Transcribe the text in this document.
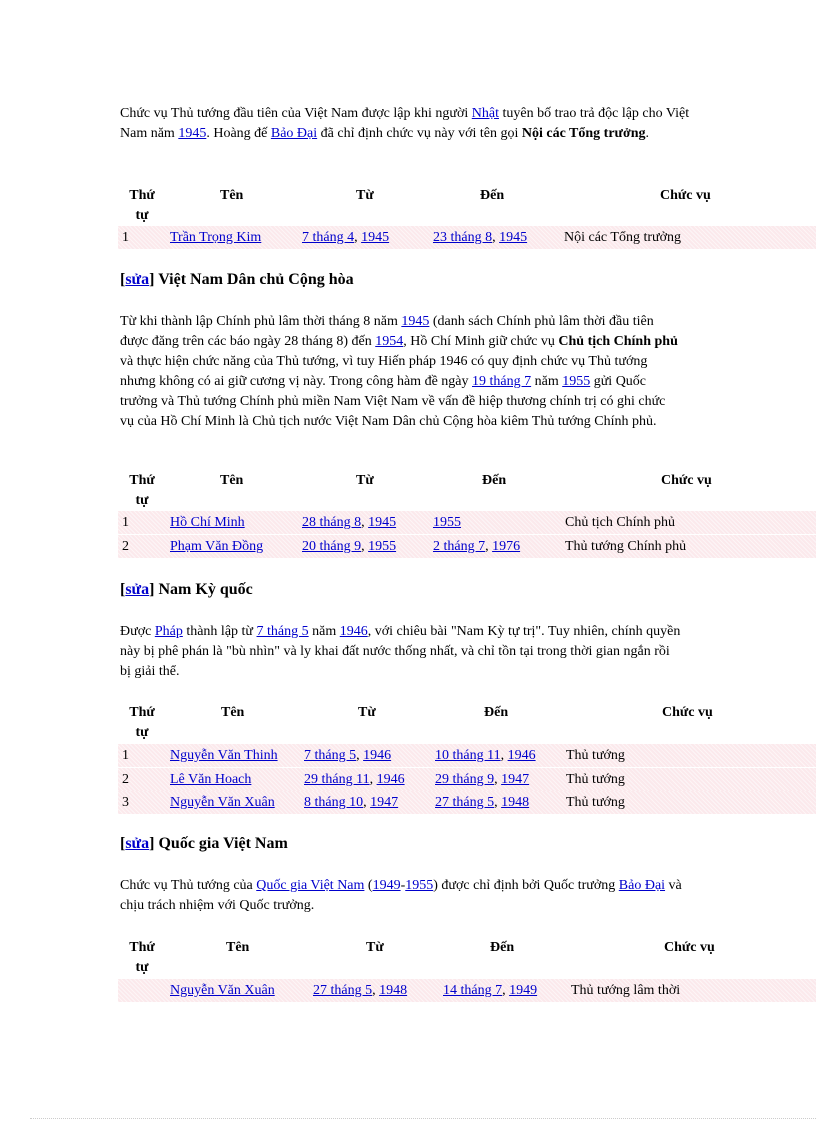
Chức vụ Thủ tướng đầu tiên của Việt Nam được lập khi người Nhật tuyên bố trao trả độc lập cho Việt Nam năm 1945. Hoàng đế Bảo Đại đã chỉ định chức vụ này với tên gọi Nội các Tổng trưởng.
Thứ
tự
Tên	Từ	Đến	Chức vụ
1	Trần Trọng Kim	7 tháng 4, 1945	23 tháng 8, 1945	Nội các Tổng trưởng
[sửa] Việt Nam Dân chủ Cộng hòa
Từ khi thành lập Chính phủ lâm thời tháng 8 năm 1945 (danh sách Chính phủ lâm thời đầu tiên được đăng trên các báo ngày 28 tháng 8) đến 1954, Hồ Chí Minh giữ chức vụ Chủ tịch Chính phủ và thực hiện chức năng của Thủ tướng, vì tuy Hiến pháp 1946 có quy định chức vụ Thủ tướng nhưng không có ai giữ cương vị này. Trong công hàm đề ngày 19 tháng 7 năm 1955 gửi Quốc trưởng và Thủ tướng Chính phủ miền Nam Việt Nam về vấn đề hiệp thương chính trị có ghi chức vụ của Hồ Chí Minh là Chủ tịch nước Việt Nam Dân chủ Cộng hòa kiêm Thủ tướng Chính phủ.
Thứ
tự
Tên	Từ	Đến	Chức vụ
1	Hồ Chí Minh	28 tháng 8, 1945	1955	Chủ tịch Chính phủ
2	Phạm Văn Đồng	20 tháng 9, 1955	2 tháng 7, 1976	Thủ tướng Chính phủ
[sửa] Nam Kỳ quốc
Được Pháp thành lập từ 7 tháng 5 năm 1946, với chiêu bài "Nam Kỳ tự trị". Tuy nhiên, chính quyền này bị phê phán là "bù nhìn" và ly khai đất nước thống nhất, và chỉ tồn tại trong thời gian ngắn rồi bị giải thể.
Thứ
tự
Tên	Từ	Đến	Chức vụ
1	Nguyễn Văn Thinh 7 tháng 5, 1946	10 tháng 11, 1946 Thủ tướng
2	Lê Văn Hoach	29 tháng 11, 1946 29 tháng 9, 1947	Thủ tướng
3	Nguyễn Văn Xuân 8 tháng 10, 1947	27 tháng 5, 1948	Thủ tướng
[sửa] Quốc gia Việt Nam
Chức vụ Thủ tướng của Quốc gia Việt Nam (1949-1955) được chỉ định bởi Quốc trưởng Bảo Đại và chịu trách nhiệm với Quốc trưởng.
Thứ
tự
Tên	Từ	Đến	Chức vụ
Nguyễn Văn Xuân	27 tháng 5, 1948	14 tháng 7, 1949 Thủ tướng lâm thời
